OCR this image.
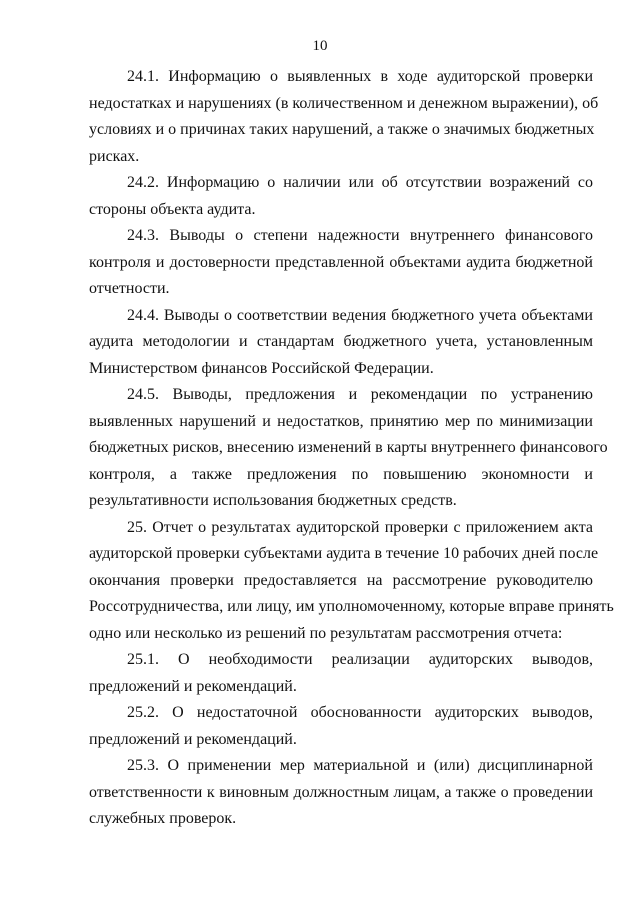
10
24.1. Информацию о выявленных в ходе аудиторской проверки
недостатках и нарушениях (в количественном и денежном выражении), об
условиях и о причинах таких нарушений, а также о значимых бюджетных
рисках.
24.2. Информацию о наличии или об отсутствии возражений со
стороны объекта аудита.
24.3. Выводы о степени надежности внутреннего финансового
контроля и достоверности представленной объектами аудита бюджетной
отчетности.
24.4. Выводы о соответствии ведения бюджетного учета объектами
аудита методологии и стандартам бюджетного учета, установленным
Министерством финансов Российской Федерации.
24.5. Выводы, предложения и рекомендации по устранению
выявленных нарушений и недостатков, принятию мер по минимизации
бюджетных рисков, внесению изменений в карты внутреннего финансового
контроля, а также предложения по повышению экономности и
результативности использования бюджетных средств.
25. Отчет о результатах аудиторской проверки с приложением акта
аудиторской проверки субъектами аудита в течение 10 рабочих дней после
окончания проверки предоставляется на рассмотрение руководителю
Россотрудничества, или лицу, им уполномоченному, которые вправе принять
одно или несколько из решений по результатам рассмотрения отчета:
25.1. О необходимости реализации аудиторских выводов,
предложений и рекомендаций.
25.2. О недостаточной обоснованности аудиторских выводов,
предложений и рекомендаций.
25.3. О применении мер материальной и (или) дисциплинарной
ответственности к виновным должностным лицам, а также о проведении
служебных проверок.
